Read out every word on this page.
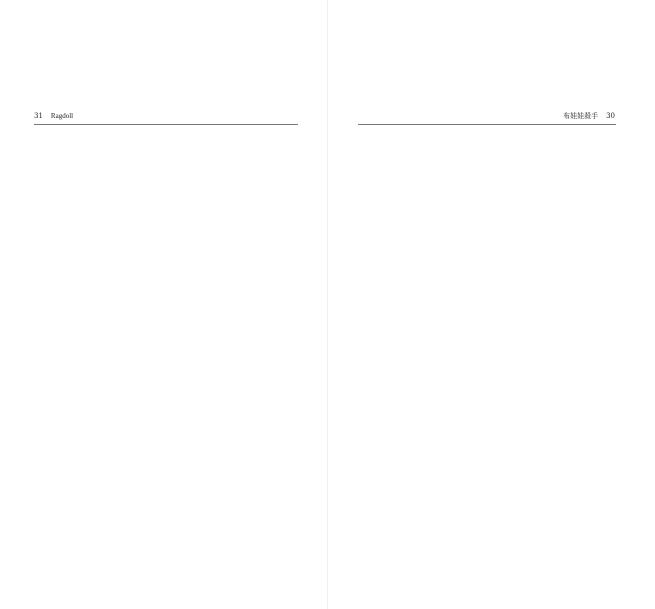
31 Ragdoll	布娃娃殺手 30
